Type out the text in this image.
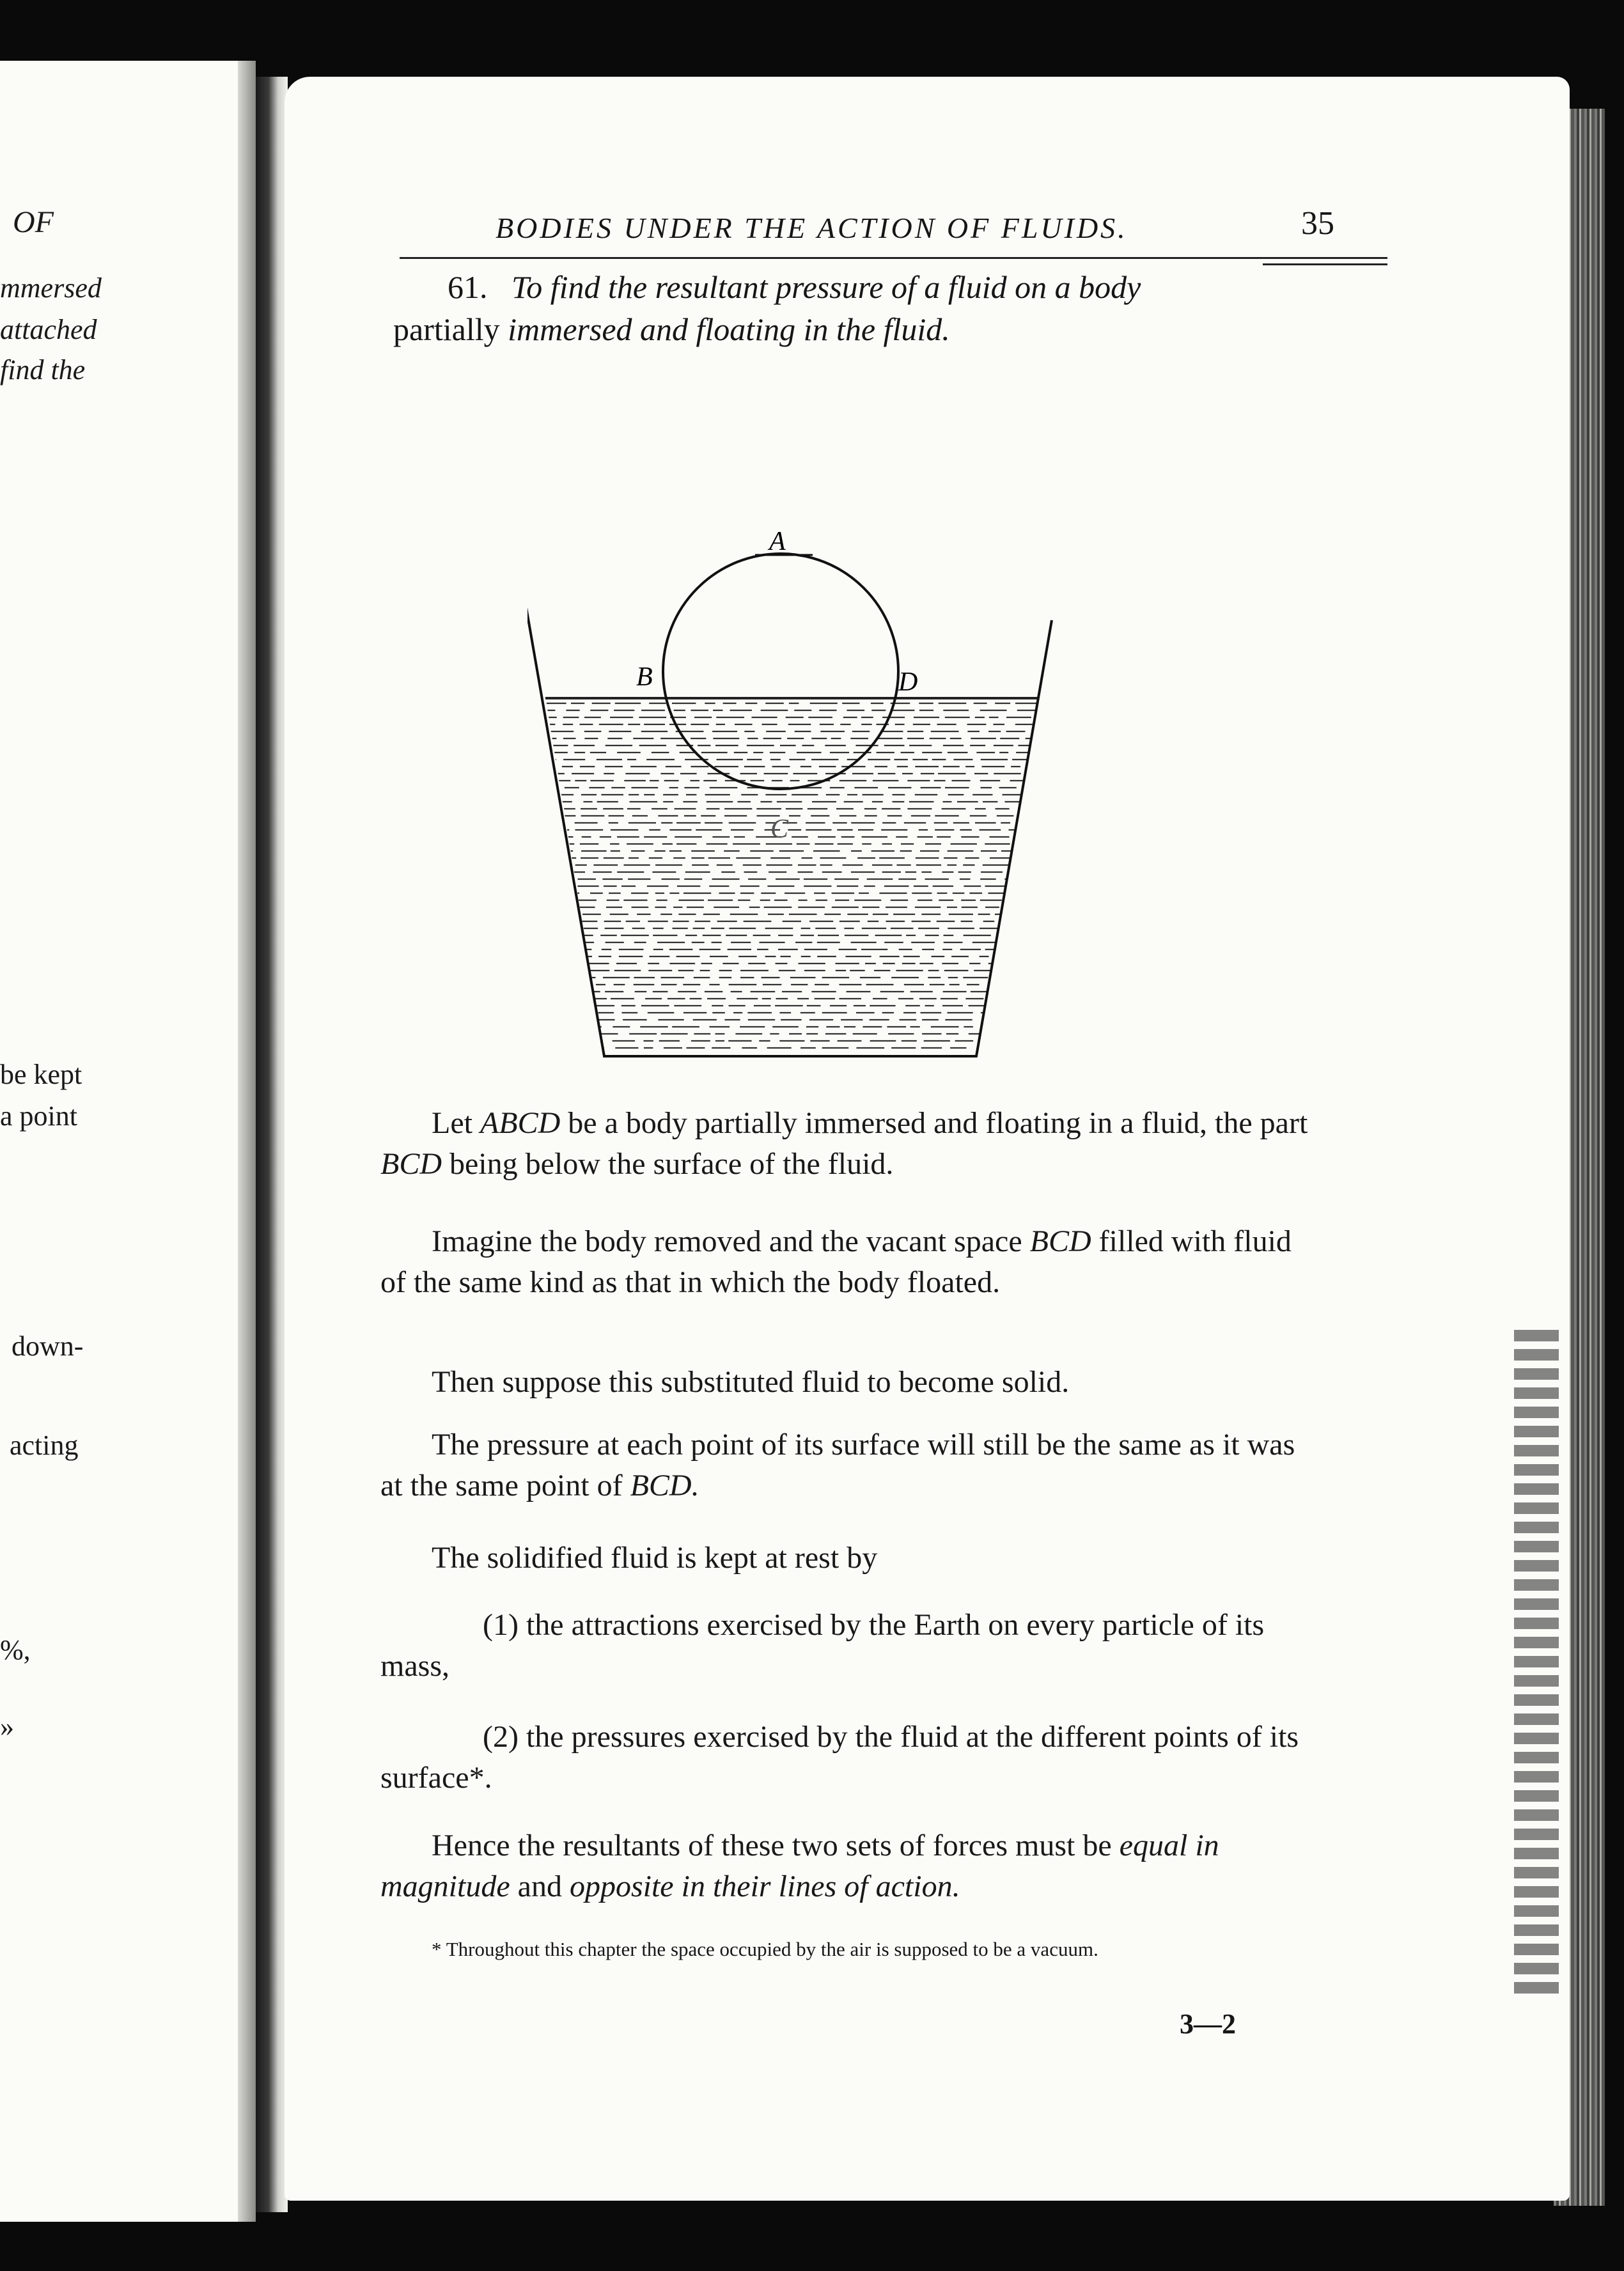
OF
mmersed
attached
find the
be kept
a point
down-
acting
%,
»
BODIES UNDER THE ACTION OF FLUIDS.	35
61. To find the resultant pressure of a fluid on a body
partially immersed and floating in the fluid.
A
B
C
D

Let ABCD be a body partially immersed and floating in a fluid, the part BCD being below the surface of the fluid.

Imagine the body removed and the vacant space BCD filled with fluid of the same kind as that in which the body floated.

Then suppose this substituted fluid to become solid.

The pressure at each point of its surface will still be the same as it was at the same point of BCD.

The solidified fluid is kept at rest by

(1) the attractions exercised by the Earth on every particle of its mass,

(2) the pressures exercised by the fluid at the different points of its surface*.

Hence the resultants of these two sets of forces must be equal in magnitude and opposite in their lines of action.

* Throughout this chapter the space occupied by the air is supposed to be a vacuum.
3—2
